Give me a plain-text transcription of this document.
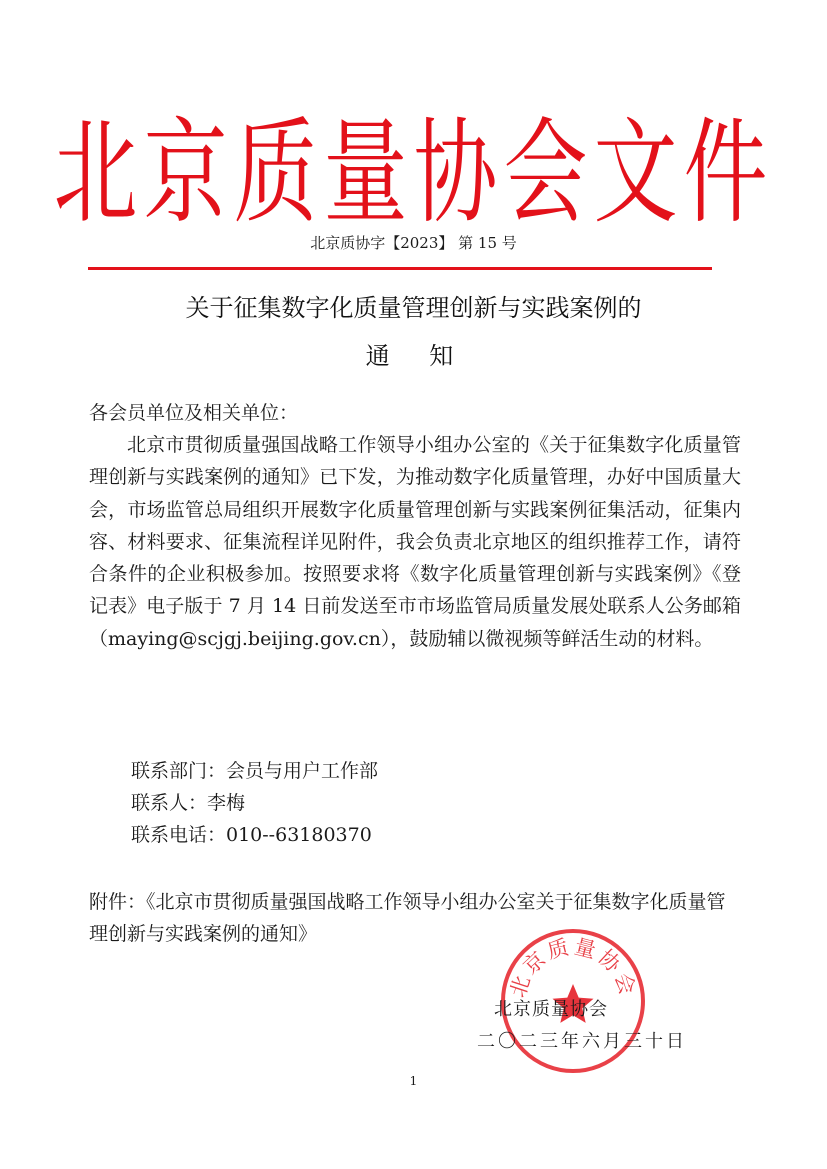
北京质量协会文件
北京质协字【2023】 第 15 号
关于征集数字化质量管理创新与实践案例的
通 知
各会员单位及相关单位：

北京市贯彻质量强国战略工作领导小组办公室的《关于征集数字化质量管理创新与实践案例的通知》已下发，为推动数字化质量管理，办好中国质量大会，市场监管总局组织开展数字化质量管理创新与实践案例征集活动，征集内容、材料要求、征集流程详见附件，我会负责北京地区的组织推荐工作，请符合条件的企业积极参加。按照要求将《数字化质量管理创新与实践案例》《登记表》电子版于 7 月 14 日前发送至市市场监管局质量发展处联系人公务邮箱（maying@scjgj.beijing.gov.cn），鼓励辅以微视频等鲜活生动的材料。

联系部门：会员与用户工作部
联系人：李梅
联系电话：010--63180370

附件：《北京市贯彻质量强国战略工作领导小组办公室关于征集数字化质量管理创新与实践案例的通知》

北京质量协会
北京质量协会
二〇二三年六月三十日
1
